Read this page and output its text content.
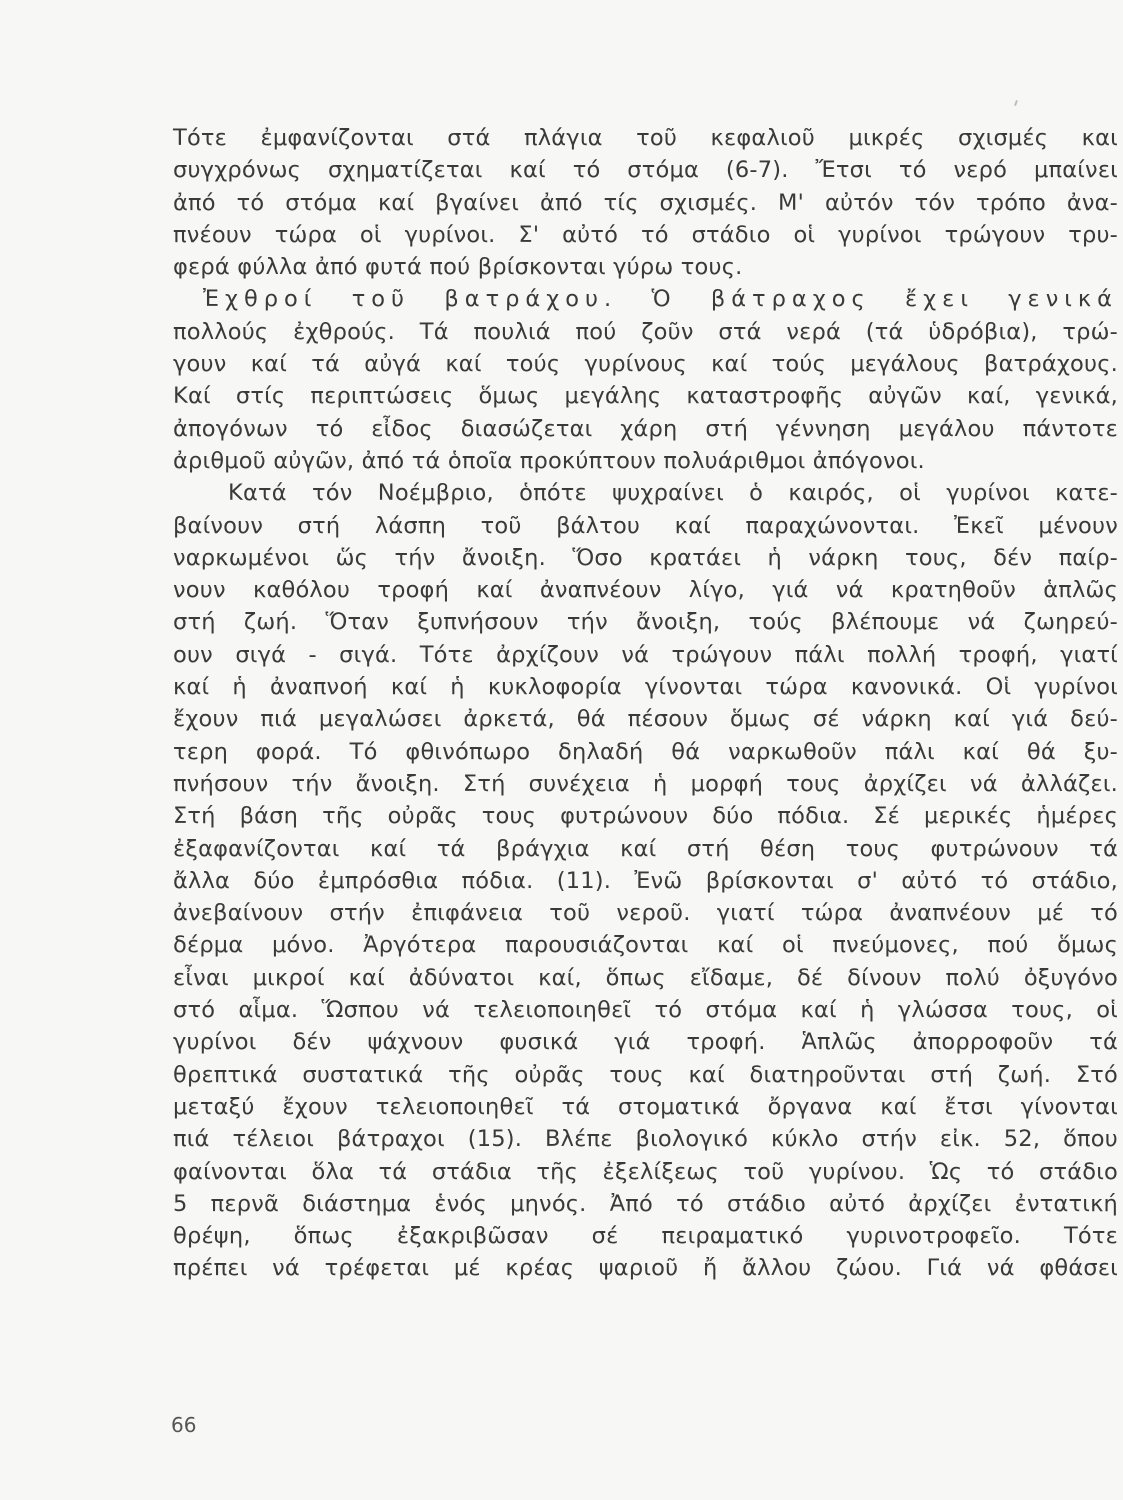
Τότε ἐμφανίζονται στά πλάγια τοῦ κεφαλιοῦ μικρές σχισμές και
συγχρόνως σχηματίζεται καί τό στόμα (6-7). Ἔτσι τό νερό μπαίνει
ἀπό τό στόμα καί βγαίνει ἀπό τίς σχισμές. Μ' αὐτόν τόν τρόπο ἀνα-
πνέουν τώρα οἱ γυρίνοι. Σ' αὐτό τό στάδιο οἱ γυρίνοι τρώγουν τρυ-
φερά φύλλα ἀπό φυτά πού βρίσκονται γύρω τους.
Ἐχθροί τοῦ βατράχου. Ὁ βάτραχος ἔχει γενικά
πολλούς ἐχθρούς. Τά πουλιά πού ζοῦν στά νερά (τά ὑδρόβια), τρώ-
γουν καί τά αὐγά καί τούς γυρίνους καί τούς μεγάλους βατράχους.
Καί στίς περιπτώσεις ὅμως μεγάλης καταστροφῆς αὐγῶν καί, γενικά,
ἀπογόνων τό εἶδος διασώζεται χάρη στή γέννηση μεγάλου πάντοτε
ἀριθμοῦ αὐγῶν, ἀπό τά ὁποῖα προκύπτουν πολυάριθμοι ἀπόγονοι.
Κατά τόν Νοέμβριο, ὁπότε ψυχραίνει ὁ καιρός, οἱ γυρίνοι κατε-
βαίνουν στή λάσπη τοῦ βάλτου καί παραχώνονται. Ἐκεῖ μένουν
ναρκωμένοι ὥς τήν ἄνοιξη. Ὅσο κρατάει ἡ νάρκη τους, δέν παίρ-
νουν καθόλου τροφή καί ἀναπνέουν λίγο, γιά νά κρατηθοῦν ἁπλῶς
στή ζωή. Ὅταν ξυπνήσουν τήν ἄνοιξη, τούς βλέπουμε νά ζωηρεύ-
ουν σιγά - σιγά. Τότε ἀρχίζουν νά τρώγουν πάλι πολλή τροφή, γιατί
καί ἡ ἀναπνοή καί ἡ κυκλοφορία γίνονται τώρα κανονικά. Οἱ γυρίνοι
ἔχουν πιά μεγαλώσει ἀρκετά, θά πέσουν ὅμως σέ νάρκη καί γιά δεύ-
τερη φορά. Τό φθινόπωρο δηλαδή θά ναρκωθοῦν πάλι καί θά ξυ-
πνήσουν τήν ἄνοιξη. Στή συνέχεια ἡ μορφή τους ἀρχίζει νά ἀλλάζει.
Στή βάση τῆς οὐρᾶς τους φυτρώνουν δύο πόδια. Σέ μερικές ἡμέρες
ἐξαφανίζονται καί τά βράγχια καί στή θέση τους φυτρώνουν τά
ἄλλα δύο ἐμπρόσθια πόδια. (11). Ἐνῶ βρίσκονται σ' αὐτό τό στάδιο,
ἀνεβαίνουν στήν ἐπιφάνεια τοῦ νεροῦ. γιατί τώρα ἀναπνέουν μέ τό
δέρμα μόνο. Ἀργότερα παρουσιάζονται καί οἱ πνεύμονες, πού ὅμως
εἶναι μικροί καί ἀδύνατοι καί, ὅπως εἴδαμε, δέ δίνουν πολύ ὀξυγόνο
στό αἷμα. Ὥσπου νά τελειοποιηθεῖ τό στόμα καί ἡ γλώσσα τους, οἱ
γυρίνοι δέν ψάχνουν φυσικά γιά τροφή. Ἁπλῶς ἀπορροφοῦν τά
θρεπτικά συστατικά τῆς οὐρᾶς τους καί διατηροῦνται στή ζωή. Στό
μεταξύ ἔχουν τελειοποιηθεῖ τά στοματικά ὄργανα καί ἔτσι γίνονται
πιά τέλειοι βάτραχοι (15). Βλέπε βιολογικό κύκλο στήν εἰκ. 52, ὅπου
φαίνονται ὅλα τά στάδια τῆς ἐξελίξεως τοῦ γυρίνου. Ὡς τό στάδιο
5 περνᾶ διάστημα ἑνός μηνός. Ἀπό τό στάδιο αὐτό ἀρχίζει ἐντατική
θρέψη, ὅπως ἐξακριβῶσαν σέ πειραματικό γυρινοτροφεῖο. Τότε
πρέπει νά τρέφεται μέ κρέας ψαριοῦ ἤ ἄλλου ζώου. Γιά νά φθάσει
66
